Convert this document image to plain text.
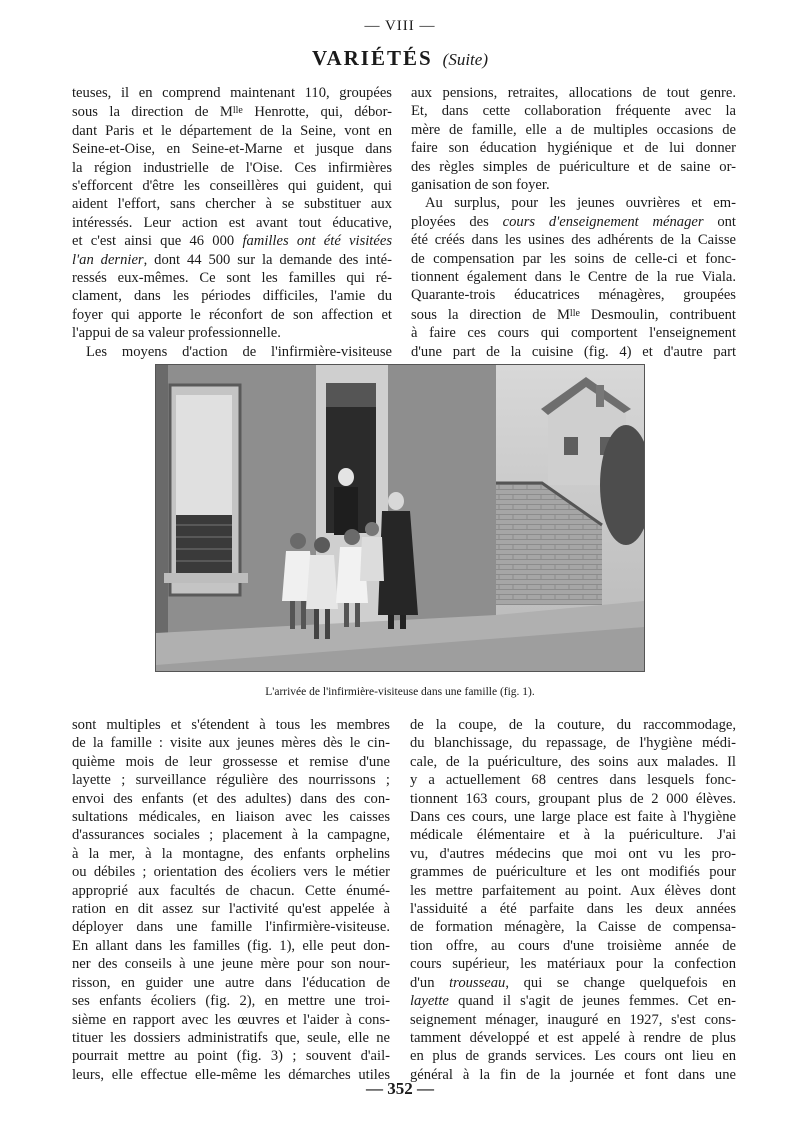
— VIII —
VARIÉTÉS (Suite)
teuses, il en comprend maintenant 110, groupées
sous la direction de $M^{lle}$ Henrotte, qui, débor-
dant Paris et le département de la Seine, vont en
Seine-et-Oise, en Seine-et-Marne et jusque dans
la région industrielle de l'Oise. Ces infirmières
s'efforcent d'être les conseillères qui guident, qui
aident l'effort, sans chercher à se substituer aux
intéressés. Leur action est avant tout éducative,
et c'est ainsi que 46 000 familles ont été visitées
l'an dernier, dont 44 500 sur la demande des inté-
ressés eux-mêmes. Ce sont les familles qui ré-
clament, dans les périodes difficiles, l'amie du
foyer qui apporte le réconfort de son affection et
l'appui de sa valeur professionnelle.
Les moyens d'action de l'infirmière-visiteuse
aux pensions, retraites, allocations de tout genre.
Et, dans cette collaboration fréquente avec la
mère de famille, elle a de multiples occasions de
faire son éducation hygiénique et de lui donner
des règles simples de puériculture et de saine or-
ganisation de son foyer.
Au surplus, pour les jeunes ouvrières et em-
ployées des cours d'enseignement ménager ont
été créés dans les usines des adhérents de la Caisse
de compensation par les soins de celle-ci et fonc-
tionnent également dans le Centre de la rue Viala.
Quarante-trois éducatrices ménagères, groupées
sous la direction de $M^{lle}$ Desmoulin, contribuent
à faire ces cours qui comportent l'enseignement
d'une part de la cuisine (fig. 4) et d'autre part
L'arrivée de l'infirmière-visiteuse dans une famille (fig. 1).
sont multiples et s'étendent à tous les membres
de la famille : visite aux jeunes mères dès le cin-
quième mois de leur grossesse et remise d'une
layette ; surveillance régulière des nourrissons ;
envoi des enfants (et des adultes) dans des con-
sultations médicales, en liaison avec les caisses
d'assurances sociales ; placement à la campagne,
à la mer, à la montagne, des enfants orphelins
ou débiles ; orientation des écoliers vers le métier
approprié aux facultés de chacun. Cette énumé-
ration en dit assez sur l'activité qu'est appelée à
déployer dans une famille l'infirmière-visiteuse.
En allant dans les familles (fig. 1), elle peut don-
ner des conseils à une jeune mère pour son nour-
risson, en guider une autre dans l'éducation de
ses enfants écoliers (fig. 2), en mettre une troi-
sième en rapport avec les œuvres et l'aider à cons-
tituer les dossiers administratifs que, seule, elle ne
pourrait mettre au point (fig. 3) ; souvent d'ail-
leurs, elle effectue elle-même les démarches utiles
de la coupe, de la couture, du raccommodage,
du blanchissage, du repassage, de l'hygiène médi-
cale, de la puériculture, des soins aux malades. Il
y a actuellement 68 centres dans lesquels fonc-
tionnent 163 cours, groupant plus de 2 000 élèves.
Dans ces cours, une large place est faite à l'hygiène
médicale élémentaire et à la puériculture. J'ai
vu, d'autres médecins que moi ont vu les pro-
grammes de puériculture et les ont modifiés pour
les mettre parfaitement au point. Aux élèves dont
l'assiduité a été parfaite dans les deux années
de formation ménagère, la Caisse de compensa-
tion offre, au cours d'une troisième année de
cours supérieur, les matériaux pour la confection
d'un trousseau, qui se change quelquefois en
layette quand il s'agit de jeunes femmes. Cet en-
seignement ménager, inauguré en 1927, s'est cons-
tamment développé et est appelé à rendre de plus
en plus de grands services. Les cours ont lieu en
général à la fin de la journée et font dans une
— 352 —
